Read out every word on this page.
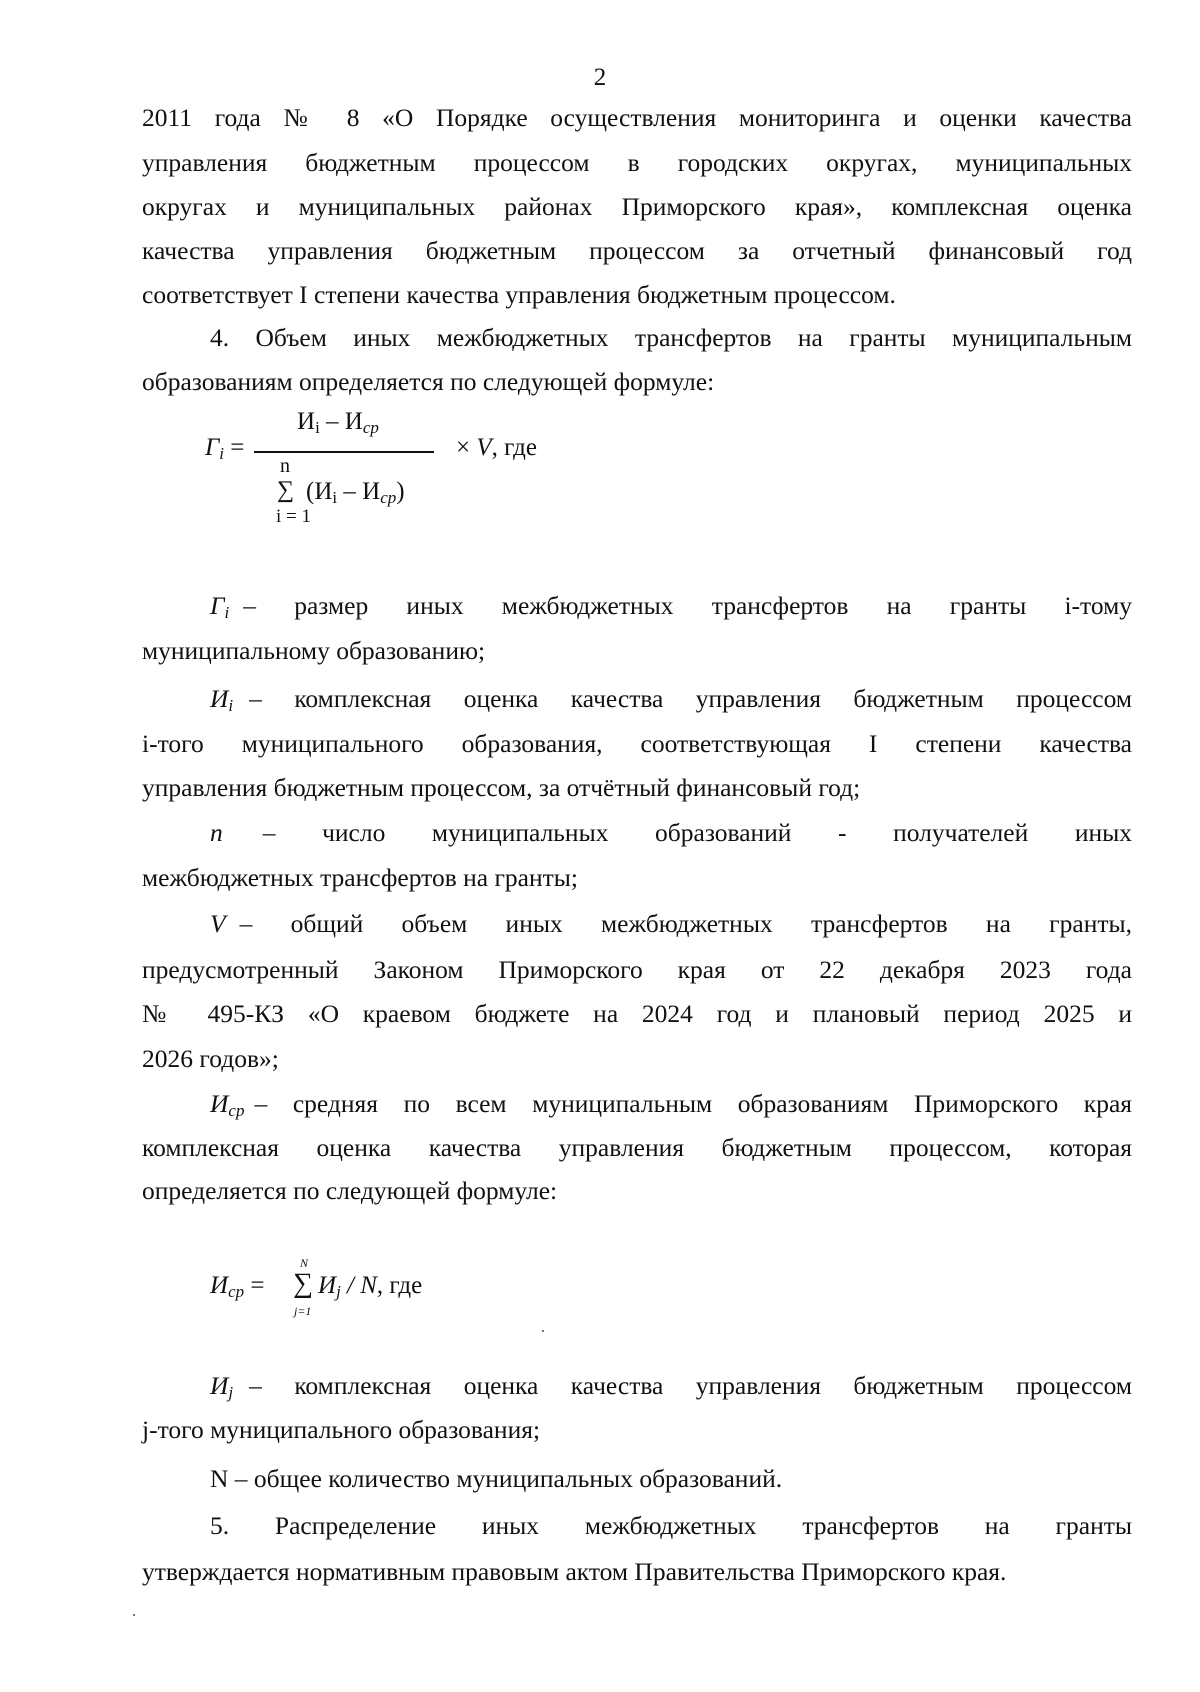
2
2011 года № 8 «О Порядке осуществления мониторинга и оценки качества
управления бюджетным процессом в городских округах, муниципальных
округах и муниципальных районах Приморского края», комплексная оценка
качества управления бюджетным процессом за отчетный финансовый год
соответствует I степени качества управления бюджетным процессом.
4. Объем иных межбюджетных трансфертов на гранты муниципальным
образованиям определяется по следующей формуле:
$Г_i$ =
$И_i - И_{ср}$
n
∑
i = 1
$(И_i - И_{ср})$
× V, где
$Г_i$ – размер иных межбюджетных трансфертов на гранты i-тому
муниципальному образованию;
$И_i$ – комплексная оценка качества управления бюджетным процессом
i-того муниципального образования, соответствующая I степени качества
управления бюджетным процессом, за отчётный финансовый год;
n – число муниципальных образований - получателей иных
межбюджетных трансфертов на гранты;
V – общий объем иных межбюджетных трансфертов на гранты,
предусмотренный Законом Приморского края от 22 декабря 2023 года
№ 495-КЗ «О краевом бюджете на 2024 год и плановый период 2025 и
2026 годов»;
$И_{ср}$ – средняя по всем муниципальным образованиям Приморского края
комплексная оценка качества управления бюджетным процессом, которая
определяется по следующей формуле:
$И_{ср}$ =
N
∑
j=1
$И_j$ / N, где
$И_j$ – комплексная оценка качества управления бюджетным процессом
j-того муниципального образования;
N – общее количество муниципальных образований.
5. Распределение иных межбюджетных трансфертов на гранты
утверждается нормативным правовым актом Правительства Приморского края.
